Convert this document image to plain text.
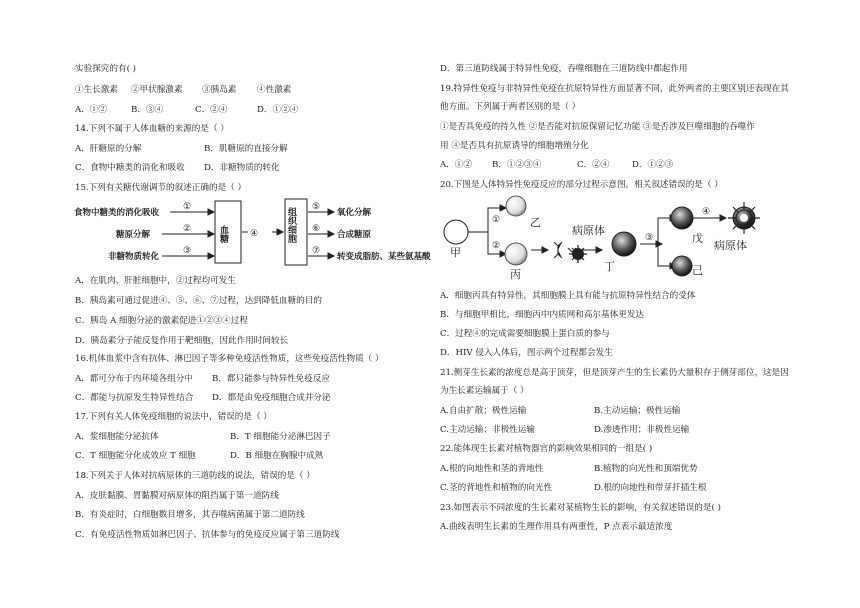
实验探究的有( )
①生长激素 ②甲状腺激素 ③胰岛素 ④性激素
A．①②	B．③④	C．②④	D．①②④
14.下列不属于人体血糖的来源的是（ ）
A．肝糖原的分解	B．肌糖原的直接分解
C．食物中糖类的消化和吸收 D．非糖物质的转化
15.下列有关糖代谢调节的叙述正确的是（ ）
食物中糖类的消化吸收
糖原分解
非糖物质转化
①
②
③
④
⑤
⑥
⑦
血糖	组织细胞	氧化分解
合成糖原
转变成脂肪、某些氨基酸
A．在肌肉、肝脏细胞中，②过程均可发生
B．胰岛素可通过促进④、⑤、⑥、⑦过程，达到降低血糖的目的
C．胰岛 A 细胞分泌的激素促进①②③④过程
D．胰岛素分子能反复作用于靶细胞，因此作用时间较长
16.机体血浆中含有抗体、淋巴因子等多种免疫活性物质，这些免疫活性物质（ ）
A．都可分布于内环境各组分中 B．都只能参与特异性免疫反应
C．都能与抗原发生特异性结合 D．都是由免疫细胞合成并分泌
17.下列有关人体免疫细胞的说法中，错误的是（ ）
A．浆细胞能分泌抗体	B．T 细胞能分泌淋巴因子
C．T 细胞能分化成效应 T 细胞	D．B 细胞在胸腺中成熟
18.下列关于人体对抗病原体的三道防线的说法，错误的是（ ）
A．皮肤黏膜、胃黏膜对病原体的阻挡属于第一道防线
B．有炎症时，白细胞数目增多，其吞噬病菌属于第二道防线
C．有免疫活性物质如淋巴因子、抗体参与的免疫反应属于第三道防线
D．第三道防线属于特异性免疫，吞噬细胞在三道防线中都起作用
19.特异性免疫与非特异性免疫在抗原特异性方面显著不同，此外两者的主要区别还表现在其
他方面。下列属于两者区别的是（ ）
①是否具免疫的持久性 ②是否能对抗原保留记忆功能 ③是否涉及巨噬细胞的吞噬作
用 ④是否具有抗原诱导的细胞增殖分化
A．①② B．①②③④	C．②④	D．①②③
20.下图是人体特异性免疫反应的部分过程示意图，相关叙述错误的是（ ）
甲
乙
丙
丁
戊
己
病原体
病原体
①
②
③
④
A．细胞丙具有特异性，其细胞膜上具有能与抗原特异性结合的受体
B．与细胞甲相比，细胞丙中内质网和高尔基体更发达
C．过程④的完成需要细胞膜上蛋白质的参与
D．HIV 侵入人体后，图示两个过程都会发生
21.侧芽生长素的浓度总是高于顶芽，但是顶芽产生的生长素仍大量积存于侧芽部位，这是因
为生长素运输属于（ ）
A.自由扩散；极性运输	B.主动运输；极性运输
C.主动运输；非极性运输	D.渗透作用；非极性运输
22.能体现生长素对植物器官的影响效果相同的一组是( )
A.根的向地性和茎的背地性	B.植物的向光性和顶端优势
C.茎的背地性和植物的向光性	D.根的向地性和带芽扦插生根
23.如图表示不同浓度的生长素对某植物生长的影响，有关叙述错误的是( )
A.曲线表明生长素的生理作用具有两重性，P 点表示最适浓度
